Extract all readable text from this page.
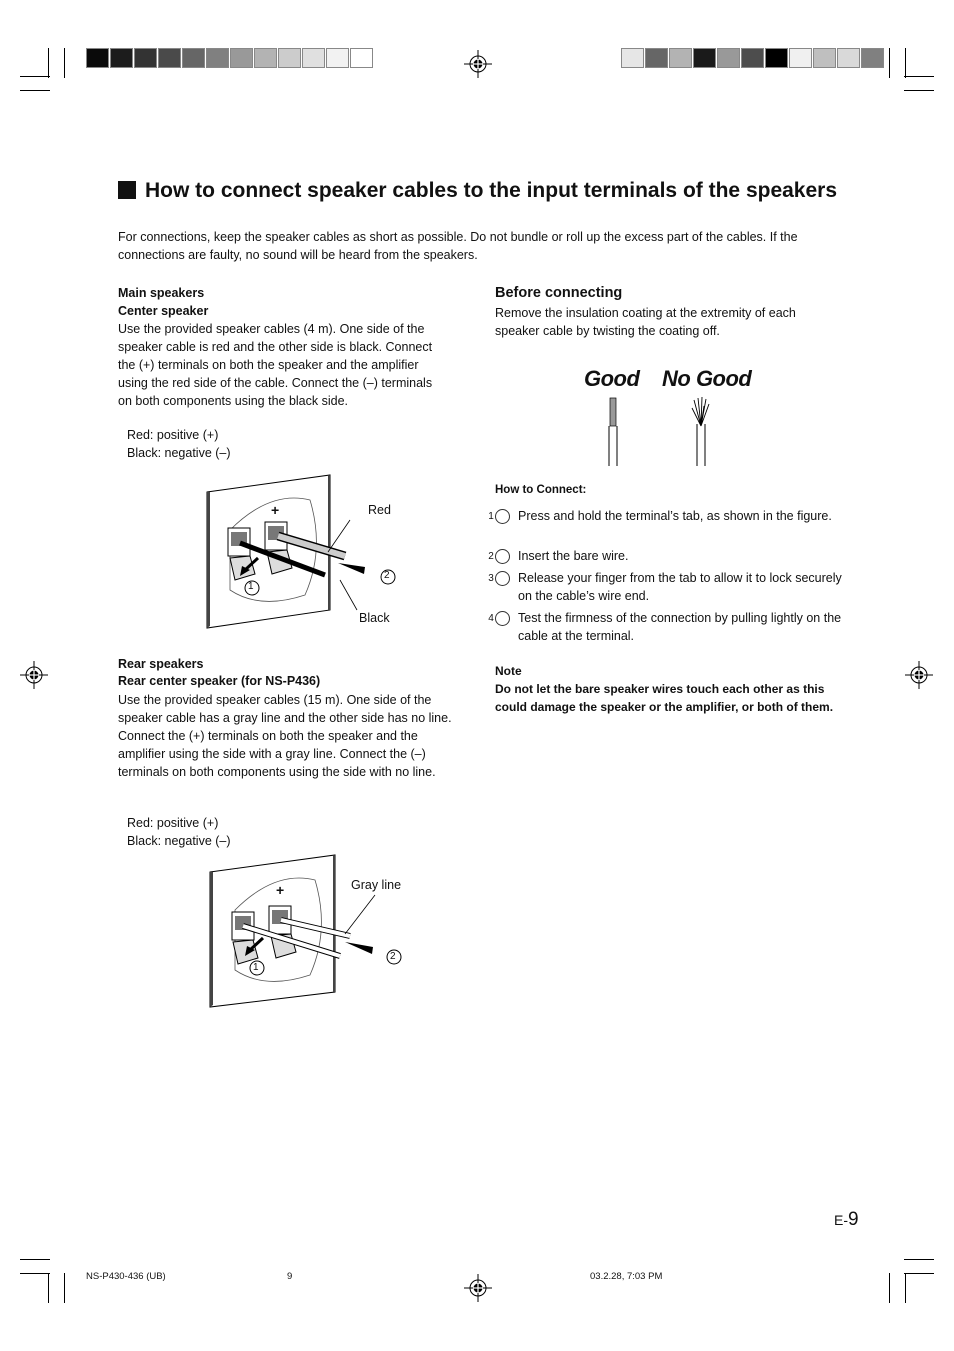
How to connect speaker cables to the input terminals of the speakers
For connections, keep the speaker cables as short as possible. Do not bundle or roll up the excess part of the cables. If the connections are faulty, no sound will be heard from the speakers.
Main speakers
Center speaker
Use the provided speaker cables (4 m). One side of the speaker cable is red and the other side is black. Connect the (+) terminals on both the speaker and the amplifier using the red side of the cable. Connect the (–) terminals on both components using the black side.
Red: positive (+)
Black: negative (–)
+	Red
Black
1
2
Rear speakers
Rear center speaker (for NS-P436)
Use the provided speaker cables (15 m). One side of the speaker cable has a gray line and the other side has no line. Connect the (+) terminals on both the speaker and the amplifier using the side with a gray line. Connect the (–) terminals on both components using the side with no line.
Red: positive (+)
Black: negative (–)
+	Gray line
1
2
Before connecting
Remove the insulation coating at the extremity of each speaker cable by twisting the coating off.
Good No Good
How to Connect:
1 Press and hold the terminal’s tab, as shown in the figure.
2 Insert the bare wire.
3 Release your finger from the tab to allow it to lock securely on the cable’s wire end.
4 Test the firmness of the connection by pulling lightly on the cable at the terminal.
Note
Do not let the bare speaker wires touch each other as this could damage the speaker or the amplifier, or both of them.
E-9
NS-P430-436 (UB)	9	03.2.28, 7:03 PM
